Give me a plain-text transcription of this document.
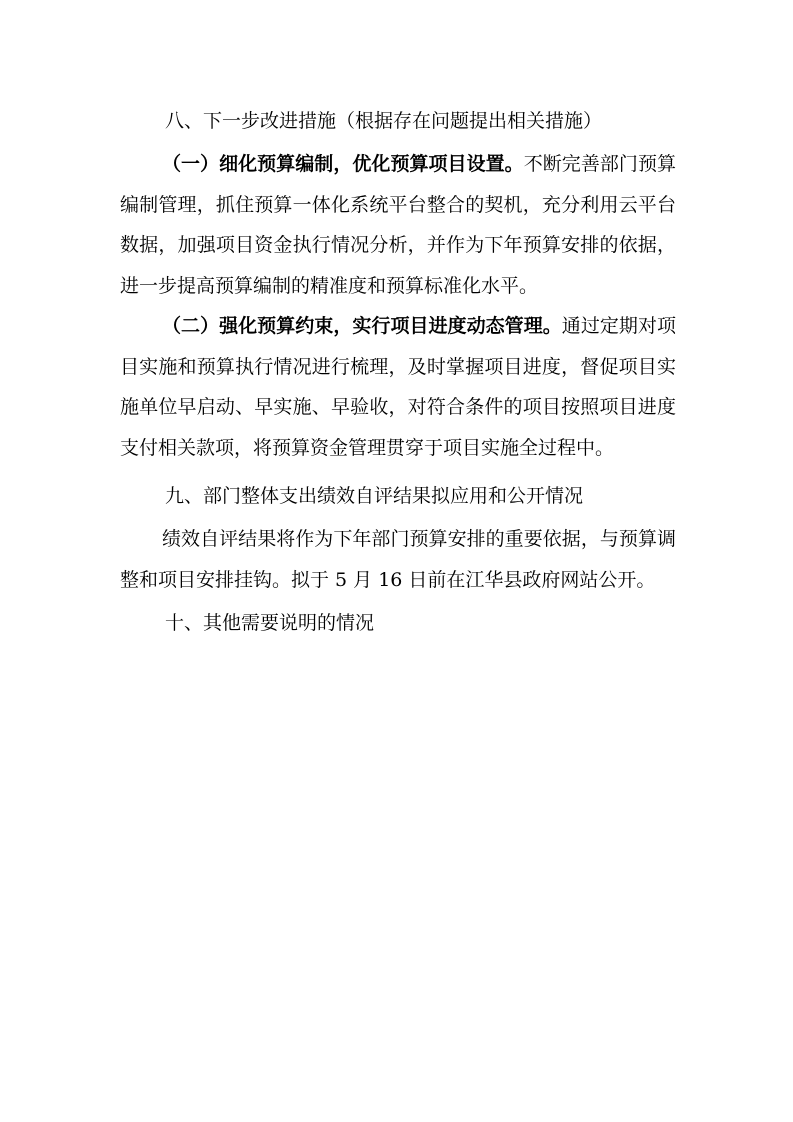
八、下一步改进措施（根据存在问题提出相关措施）

（一）细化预算编制，优化预算项目设置。不断完善部门预算编制管理，抓住预算一体化系统平台整合的契机，充分利用云平台数据，加强项目资金执行情况分析，并作为下年预算安排的依据，进一步提高预算编制的精准度和预算标准化水平。

（二）强化预算约束，实行项目进度动态管理。通过定期对项目实施和预算执行情况进行梳理，及时掌握项目进度，督促项目实施单位早启动、早实施、早验收，对符合条件的项目按照项目进度支付相关款项，将预算资金管理贯穿于项目实施全过程中。

九、部门整体支出绩效自评结果拟应用和公开情况

绩效自评结果将作为下年部门预算安排的重要依据，与预算调整和项目安排挂钩。拟于 5 月 16 日前在江华县政府网站公开。

十、其他需要说明的情况
